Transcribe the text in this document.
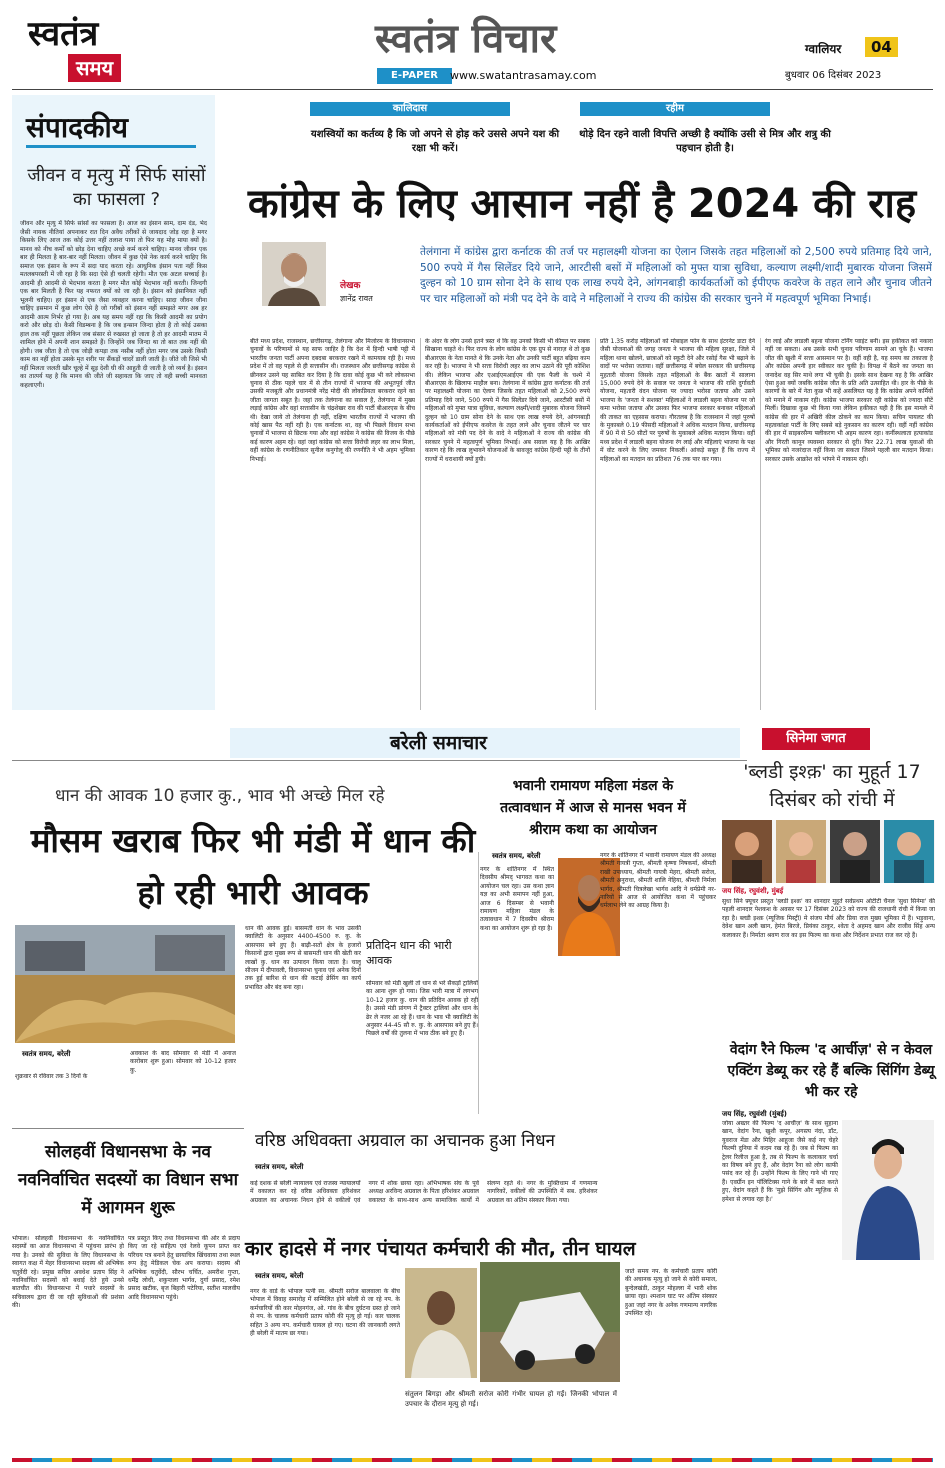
स्वतंत्र
समय
स्वतंत्र विचार
E-PAPER	www.swatantrasamay.com
ग्वालियर	04
बुधवार 06 दिसंबर 2023
संपादकीय
जीवन व मृत्यु में सिर्फ सांसों का फासला ?
जीवन और मृत्यु में सिर्फ सांसों का फासला है। आज का इंसान साम, दाम दंड, भेद जैसी नायक नीतियां अपनाकर रात दिन अवैध तरीकों से जायदाद जोड़ रहा है मगर किसके लिए आज तक कोई उत्तर नहीं तलाश पाया तो फिर यह मोह माया क्यों है। मानव को नीच कर्मों को छोड़ देना चाहिए अच्छे कर्म करने चाहिए। मानव जीवन एक बार ही मिलता है बार-बार नहीं मिलता। जीवन में कुछ ऐसे नेक कार्य करने चाहिए कि समाज एक इंसान के रूप में सदा याद करता रहे। आधुनिक इंसान पता नहीं किस मतलबपरस्ती में जी रहा है कि सदा ऐसे ही चलती रहेगी। मौत एक अटल सच्चाई है। आदमी ही आदमी से भेदभाव करता है मगर मौत कोई भेदभाव नहीं करती। जिन्दगी एक बार मिलती है फिर यह नफरत क्यों को जा रही है। इंसान को इंसानियत नहीं भूलनी चाहिए। हर इंसान से एक जैसा व्यवहार करना चाहिए। सादा जीवन जीना चाहिए इसमान में कुछ लोग ऐसे है जो गरीबों को इंसान नहीं समझते मगर अब हर आदमी आत्म निर्भर हो गया है। अब यह समय नहीं रहा कि किसी आदमी का प्रयोग करो और छोड़ दो। कैसी विडम्बना है कि जब इन्सान जिन्दा होता है तो कोई उसका हाल तक नहीं पूछता लेकिन जब संसार से रुखसत हो जाता है तो हर आदमी मातम में शामिल होने में अपनी शान समझते हैं। जिन्होंने जब जिन्दा था तो बात तक नहीं की होगी। जब जीता है तो एक जोड़ी कपड़ा तक नसीब नहीं होता मगर जब उसके किसी काम का नहीं होता उसके मृत शरीर पर सैंकड़ों चादरें डाली जाती है। जीते जी जिसे भी नहीं मिलता जलती खीर चूल्हे में सूड़ देशी घी की आहुती दी जाती है जो व्यर्थ है। इंसान का तात्पर्य यह है कि मानव की जीते जी सहायता कि जाए तो वही सच्ची मानवता कहलाएगी।
कालिदास
यशस्वियों का कर्तव्य है कि जो अपने से होड़ करे उससे अपने यश की रक्षा भी करें।
रहीम
थोड़े दिन रहने वाली विपत्ति अच्छी है क्योंकि उसी से मित्र और शत्रु की पहचान होती है।
कांग्रेस के लिए आसान नहीं है 2024 की राह
लेखक
ज्ञानेंद्र रावत
तेलंगाना में कांग्रेस द्वारा कर्नाटक की तर्ज पर महालक्ष्मी योजना का ऐलान जिसके तहत महिलाओं को 2,500 रुपये प्रतिमाह दिये जाने, 500 रुपये में गैस सिलेंडर दिये जाने, आरटीसी बसों में महिलाओं को मुफ्त यात्रा सुविधा, कल्याण लक्ष्मी/शादी मुबारक योजना जिसमें दुल्हन को 10 ग्राम सोना देने के साथ एक लाख रुपये देने, आंगनबाड़ी कार्यकर्ताओं को ईपीएफ कवरेज के तहत लाने और चुनाव जीतने पर चार महिलाओं को मंत्री पद देने के वादे ने महिलाओं ने राज्य की कांग्रेस की सरकार चुनने में महत्वपूर्ण भूमिका निभाई।
बीते मध्य प्रदेश, राजस्थान, छत्तीसगढ़, तेलंगाना और मिजोरम के विधानसभा चुनावों के परिणामों से यह साफ जाहिर है कि देश में हिन्दी भाषी पट्टी में भारतीय जनता पार्टी अपना दबदबा बरकरार रखने में कामयाब रही है। मध्य प्रदेश में तो वह पहले से ही सत्तासीन थी। राजस्थान और छत्तीसगढ़ कांग्रेस से छीनकर उसने यह साबित कर दिया है कि दावा कोई कुछ भी करे लोकसभा चुनाव से ठीक पहले चार में से तीन राज्यों में भाजपा की अभूतपूर्व जीत उसकी मजबूती और प्रधानमंत्री नरेंद्र मोदी की लोकप्रियता बरकरार रहने का जीता जागता सबूत है। जहां तक तेलंगाना का सवाल है, तेलंगाना में मुख्य लड़ाई कांग्रेस और वहां सत्तासीन के चंद्रशेखर राव की पार्टी बीआरएस के बीच थी। देखा जाये तो तेलंगाना ही नहीं, दक्षिण भारतीय राज्यों में भाजपा की कोई खास पैठ नहीं रही है। एक कर्नाटक था, वह भी पिछले विधान सभा चुनावों में भाजपा से छिटक गया और वहां कांग्रेस ने कांग्रेस की विजय के पीछे कई कारण अहम रहे। वहां जहां कांग्रेस को सत्ता विरोधी लहर का लाभ मिला, वहीं कांग्रेस के रणनीतिकार सुनील कनुगोलू की रणनीति ने भी अहम भूमिका निभाई।
के अंदर के लोग उनसे इतने त्रस्त थे कि वह उनको किसी भी कीमत पर सबक सिखाना चाहते थे। फिर राज्य के लोग कांग्रेस के एक ग्रुप से नाराज़ थे तो कुछ बीआरएस के नेता मानते थे कि उनके नेता और उनकी पार्टी बहुत बढ़िया काम कर रही है। भाजपा ने भी सत्ता विरोधी लहर का लाभ उठाने की पूरी कोशिश की। लेकिन भाजपा और एआईएमआईएम की एक फैली के चश्मे में बीआरएस के खिलाफ माहौल बना। तेलंगाना में कांग्रेस द्वारा कर्नाटक की तर्ज पर महालक्ष्मी योजना का ऐलान जिसके तहत महिलाओं को 2,500 रुपये प्रतिमाह दिये जाने, 500 रुपये में गैस सिलेंडर दिये जाने, आरटीसी बसों में महिलाओं को मुफ्त यात्रा सुविधा, कल्याण लक्ष्मी/शादी मुबारक योजना जिसमें दुल्हन को 10 ग्राम सोना देने के साथ एक लाख रुपये देने, आंगनबाड़ी कार्यकर्ताओं को ईपीएफ कवरेज के तहत लाने और चुनाव जीतने पर चार महिलाओं को मंत्री पद देने के वादे ने महिलाओं ने राज्य की कांग्रेस की सरकार चुनने में महत्वपूर्ण भूमिका निभाई। अब सवाल यह है कि आखिर कारण रहे कि लाख लुभावने योजनाओं के बावजूद कांग्रेस हिन्दी पट्टी के तीनों राज्यों में धराशायी क्यों हुयी।
प्रति 1.35 करोड़ महिलाओं को मोबाइल फोन के साथ इंटरनेट डाटा देने जैसी योजनाओं की जगह जनता ने भाजपा की महिला सुरक्षा, जिले में महिला थाना खोलने, छात्राओं को स्कूटी देने और रसोई गैस भी बढ़ाने के वादों पर भरोसा जताया। वहीं छत्तीसगढ़ में बघेल सरकार की छत्तीसगढ़ मुहतारी योजना जिसके तहत महिलाओं के बैंक खातों में सालाना 15,000 रुपये देने के सवाल पर जनता ने भाजपा की राशि दुर्गावती योजना, महतारी वंदन योजना पर ज्यादा भरोसा जताया और उसने भाजपा के 'जनता ने सशक्त' महिलाओं ने लाडली बहना योजना पर जो कमा भरोसा जताया और उसका फिर भाजपा सरकार बनाकर महिलाओं की ताकत का एहसास कराया। गौरतलब है कि राजस्थान में जहां पुरुषों के मुकाबले 0.19 फीसदी महिलाओं ने अधिक मतदान किया, छत्तीसगढ़ में 90 में से 50 सीटों पर पुरुषों के मुकाबले अधिक मतदान किया। वहीं मध्य प्रदेश में लाडली बहना योजना रंग लाई और महिलाएं भाजपा के पक्ष में वोट करने के लिए जमकर निकलीं। आंकड़े सबूत हैं कि राज्य में महिलाओं का मतदान का प्रतिशत 76 तक पार कर गया।
रंग लाई और लाडली बहना योजना टर्निंग प्वाइंट बनी। इस हकीकत को नकारा नहीं जा सकता। अब उसके सभी चुनाव परिणाम सामने आ चुके हैं। भाजपा जीत की खुशी में सत्ता आसमान पर है। वहीं वही है, यह समय का तकाजा है और कांग्रेस अपनी हार स्वीकार कर चुकी है। विपक्ष में बैठने का जनता का जनादेश वह सिर माथे लगा भी चुकी है। इसके साथ देखना यह है कि आखिर ऐसा हुआ क्यों जबकि कांग्रेस जीत के प्रति अति उत्साहित थी। हार के पीछे के कारणों के बारे में नेता कुछ भी कहें असलियत यह है कि कांग्रेस अपने कर्मियों को मनाने में नाकाम रही। कांग्रेस भाजपा सरकार रही कांग्रेस को ज्यादा सीटें मिलीं। दिखावा कुछ भी किया गया लेकिन हकीकत यही है कि इस मामले में कांग्रेस की हार में अखिरी कील ठोकने का काम किया। सचिन पायलट की महत्वकांक्षा पार्टी के लिए सबसे बड़े नुकसान का कारण रही। वहीं नहीं कांग्रेस की हार में साइबरसैन्य फ्लीकरण भी अहम कारण रहा। कर्नीस्थलाता हत्याकांड और गिरती कानून व्यवस्था सरकार से दूरी। फिर 22.71 लाख युवाओं की भूमिका को नजरंदाज नहीं किया जा सकता जिसने पहली बार मतदान किया। सरकार उसके आक्रोश को भांपने में नाकाम रही।
बरेली समाचार	सिनेमा जगत
'ब्लडी इश्क़' का मुहूर्त 17 दिसंबर को रांची में
जय सिंह, रघुवंशी, मुंबई
सुधा सिने फ़्यूचर प्रस्तुत 'ब्लडी इश्क़' का शानदार मुहूर्त सर्वप्रथम ओटीटी चैनल 'सुधा सिनेमा' की पहली शानदार पेशकश के अवसर पर 17 दिसंबर 2023 को राज्य की राजधानी रांची में किया जा रहा है। ब्लडी इश्क़ (म्यूजिक मिस्ट्री) मे संजय मौर्य और प्रिया राज मुख्य भूमिका में हैं। भड़ुवाना, देवेश खान अली खान, हेमंत बिरजे, प्रियंका ठाकुर, श्वेता दे अहमद खान और राजीव सिंह अन्य कलाकार हैं। निर्माता श्रवण राज का इस फिल्म का कथा और निर्देशन प्रभात राज कर रहे हैं।
वेदांग रैने फिल्म 'द आर्चीज़' से न केवल एक्टिंग डेब्यू कर रहे हैं बल्कि सिंगिंग डेब्यू भी कर रहे
जय सिंह, रघुवंशी (मुंबई)
जोया अख्तर की फिल्म 'द आर्चीज़' के साथ सुहाना खान, वेदांग रैना, खुशी कपूर, अगस्त्य नंदा, डॉट, युवराज मेंडा और मिहिर आहूजा जैसे कई नए चेहरे फिल्मी दुनिया में कदम रख रहे हैं। जब से फिल्म का ट्रेलर रिलीज हुआ है, तब से फिल्म के कलाकार चर्चा का विषय बने हुए हैं, और वेदांग रैना को लोग काफी पसंद कर रहे हैं। उन्होंने फिल्म के लिए गाने भी गाए हैं। एवर्ग्रीन इन पॉलिटिक्स गाने के बारे में बात करते हुए, वेदांग कहते हैं कि 'मुझे सिंगिंग और म्यूज़िक से हमेशा से लगाव रहा है।'
धान की आवक 10 हजार कु., भाव भी अच्छे मिल रहे
मौसम खराब फिर भी मंडी में धान की हो रही भारी आवक
स्वतंत्र समय, बरेली
शुक्रवार से रविवार तक 3 दिनों के
अवकाश के बाद सोमवार से मंडी में अनाज कारोबार शुरू हुआ। सोमवार को 10-12 हजार कु.
धान की आवक हुई। बासमती धान के भाव उसकी क्वालिटी के अनुसार 4400-4500 रु. कु. के आसपास बने हुए हैं। बाढ़ी-सतों क्षेत्र के हजारों किसानों द्वारा मुख्य रूप से बासमती धान की खेती कर लाखों कु. धान का उत्पादन किया जाता है। चालू सीजन में दीपावली, विधानसभा चुनाव एवं अनेक दिनों तक हुई बारिश से धान की कटाई व्रेसिंग का कार्य प्रभावित और बंद बना रहा।
प्रतिदिन धान की भारी आवक
सोमवार को मंडी खुली तो धान से भरे सैकड़ों ट्रालियों का आना शुरू हो गया। जिस भारी मात्रा में लगभग 10-12 हजार कु. धान की प्रतिदिन आवक हो रही है। उससे मंडी प्रांगण में ट्रैक्टर ट्रालियां और धान के ढेर ले नजर आ रहे हैं। धान के भाव भी क्वालिटी के अनुसार 44-45 सौ रु. कु. के आसपास बने हुए हैं। पिछले वर्षों की तुलना में भाव ठीक बने हुए हैं।
भवानी रामायण महिला मंडल के तत्वावधान में आज से मानस भवन में श्रीराम कथा का आयोजन
स्वतंत्र समय, बरेली
नगर के शांतिनगर में स्थित दिवसीय श्रीमद् भागवत कथा का आयोजन चल रहा। उस कथा ज्ञान यज्ञ का अभी समापन नहीं हुआ, आज 6 दिसम्बर से भवानी रामायण महिला मंडल के तत्वावधान में 7 दिवसीय श्रीराम कथा का आयोजन शुरू हो रहा है।
नगर के शांतिनगर में भवानी रामायण मंडल की अध्यक्ष श्रीमती गायत्री गुप्ता, श्रीमती कृष्णा निषकर्मा, श्रीमती राखी उपाध्याय, श्रीमती गायत्री मेहरा, श्रीमती सरोज, श्रीमती अनुराधा, श्रीमती शालि नेहिया, श्रीमती निर्मला भार्गव, श्रीमती चित्रलेखा भार्गव आदि ने धर्मप्रेमी नर-नारियों से आज से आयोजित कथा में पहुंचकर धर्मलाभ लेने का आग्रह किया है।
सोलहवीं विधानसभा के नव नवनिर्वाचित सदस्यों का विधान सभा में आगमन शुरू
भोपाल। सोलहवीं विधानसभा के नवनिर्वाचित सदस्यों का आज विधानसभा में पहुंचना प्रारंभ हो गया है। उनको की सुविधा के लिए विधानसभा के स्वागत कक्ष में मेहर विधानसभा सदस्य श्री अभिषेक चतुर्वेदी रहे। प्रमुख सचिव अवधेश प्रताप सिंह ने नवनिर्वाचित सदस्यों को बधाई देते हुये उनसे बातचीत की। विधानसभा में पधारे सदस्यों के सचिवालय द्वारा दी जा रही सुविधाओं की प्रशंसा की।
पत्र प्रस्तुत किए तथा विधानसभा की ओर से प्रदाय किए जा रहे साहित्य एवं रेलवे कूपन प्राप्त कर परिचय पत्र बनाने हेतु छायाचित्र खिंचवाया तथा स्थल रूप हेतु मेडिकल चेक अप कराया। सदस्य श्री अभिषेक चतुर्वेदी, सौरभ चर्चित, अमरीश गुप्ता, धर्मेंद्र लोधी, शकुन्तला भार्गव, दुर्गा प्रसाद, रमेश प्रसाद खटीक, बृज बिहारी पटेरिया, सतीश मालवीय आदि विधानसभा पहुंचे।
वरिष्ठ अधिवक्ता अग्रवाल का अचानक हुआ निधन
स्वतंत्र समय, बरेली
कई दशक से बरेली न्यायालय एवं राजस्व न्यायालयों में वकालत कर रहे वरिष्ठ अधिवक्ता हरिशंकर अग्रवाल का अचानक निधन होने से वकीलों एवं नगर में शोक छाया रहा। अभिभाषक संघ के पूर्व अध्यक्ष अरविन्द अग्रवाल के पिता हरिशंकर अग्रवाल वकालत के साथ-साथ अन्य सामाजिक कार्यों में संलग्न रहते थे। नगर के मुक्तिधाम में गणमान्य नागरिकों, वकीलों की उपस्थिति में सब. हरिशंकर अग्रवाल का अंतिम संस्कार किया गया।
कार हादसे में नगर पंचायत कर्मचारी की मौत, तीन घायल
स्वतंत्र समय, बरेली
नगर के वार्ड के भोपाल पत्नी स्व. श्रीमती सरोज बालवाला के बीच भोपाल में विवाह समारोह में सम्मिलित होने बरेली से जा रहे नप. के कर्मचारियों की कार मोहनगंज, ओ. गांव के बीच दुर्घटना ग्रस्त हो जाने से नप. के चालक कर्मचारी प्रताप कोरी की मृत्यु हो गई। कार चालक सहित 3 अन्य नप. कर्मचारी घायल हो गए। घटना की जानकारी लगते ही बरेली में मातम छा गया।
संतुलन बिगड़ा और श्रीमती सरोज कोरी गंभीर घायल हो गईं। जिनकी भोपाल में उपचार के दौरान मृत्यु हो गई।
जाते समय नप. के कर्मचारी प्रताप कोरी की अचानक मृत्यु हो जाने से कोरी समाज, बुन्देलखंडी, ठाकुर मोहल्ला में भारी शोक छाया रहा। श्मशान घाट पर अंतिम संस्कार हुआ जहां नगर के अनेक गणमान्य नागरिक उपस्थित रहे।
